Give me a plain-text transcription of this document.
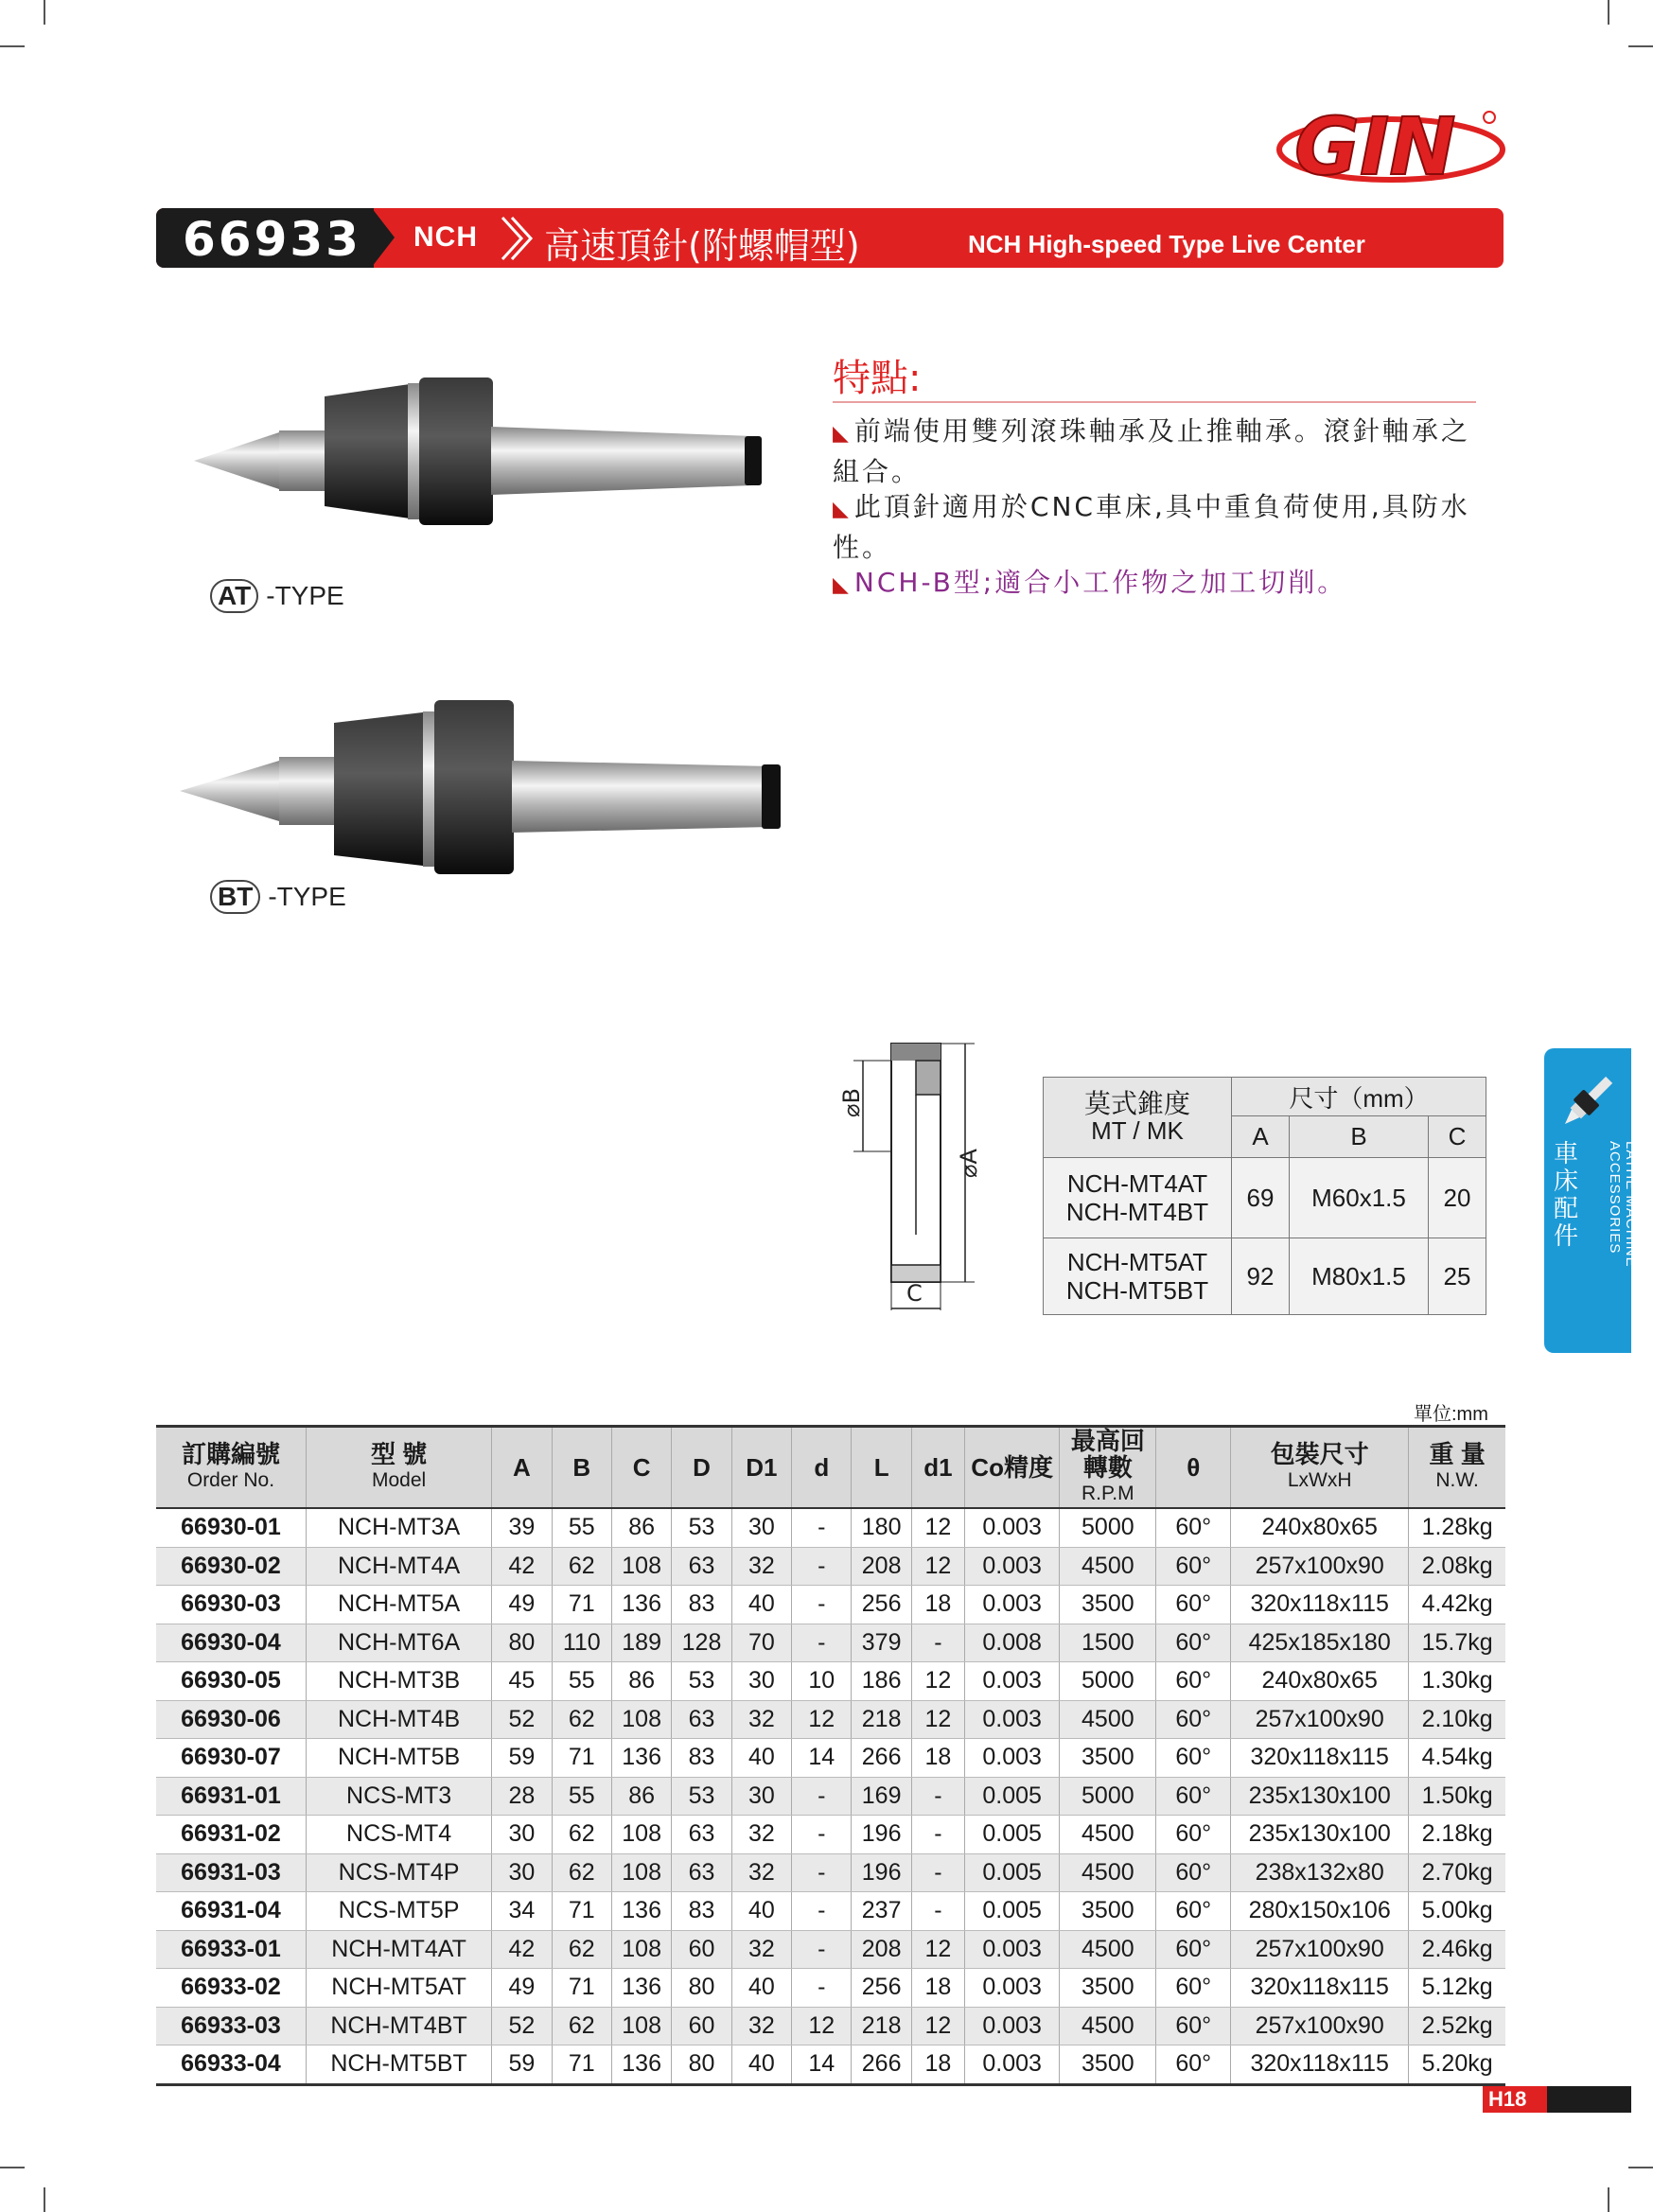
GIN
66933 NCH 高速頂針(附螺帽型)	NCH High-speed Type Live Center
AT -TYPE
BT -TYPE
特點:
◣ 前端使用雙列滾珠軸承及止推軸承。滾針軸承之組合。
◣ 此頂針適用於CNC車床,具中重負荷使用,具防水性。
◣ NCH-B型;適合小工作物之加工切削。
⌀B
⌀A
C
莫式錐度
MT / MK	尺寸（mm）		
	A	B	C

NCH-MT4AT
NCH-MT4BT	69	M60x1.5	20

NCH-MT5AT
NCH-MT5BT	92	M80x1.5	25
車床配件	LATHE MACHINE ACCESSORIES
單位:mm
訂購編號
Order No.	型 號
Model	A	B	C	D	D1	d	L	d1	Co精度	最高回轉數
R.P.M	θ	包裝尺寸
LxWxH	重 量
N.W.

66930-01	NCH-MT3A	39	55	86	53	30	-	180	12	0.003	5000	60°	240x80x65	1.28kg
66930-02	NCH-MT4A	42	62	108	63	32	-	208	12	0.003	4500	60°	257x100x90	2.08kg
66930-03	NCH-MT5A	49	71	136	83	40	-	256	18	0.003	3500	60°	320x118x115	4.42kg
66930-04	NCH-MT6A	80	110	189	128	70	-	379	-	0.008	1500	60°	425x185x180	15.7kg
66930-05	NCH-MT3B	45	55	86	53	30	10	186	12	0.003	5000	60°	240x80x65	1.30kg
66930-06	NCH-MT4B	52	62	108	63	32	12	218	12	0.003	4500	60°	257x100x90	2.10kg
66930-07	NCH-MT5B	59	71	136	83	40	14	266	18	0.003	3500	60°	320x118x115	4.54kg
66931-01	NCS-MT3	28	55	86	53	30	-	169	-	0.005	5000	60°	235x130x100	1.50kg
66931-02	NCS-MT4	30	62	108	63	32	-	196	-	0.005	4500	60°	235x130x100	2.18kg
66931-03	NCS-MT4P	30	62	108	63	32	-	196	-	0.005	4500	60°	238x132x80	2.70kg
66931-04	NCS-MT5P	34	71	136	83	40	-	237	-	0.005	3500	60°	280x150x106	5.00kg
66933-01	NCH-MT4AT	42	62	108	60	32	-	208	12	0.003	4500	60°	257x100x90	2.46kg
66933-02	NCH-MT5AT	49	71	136	80	40	-	256	18	0.003	3500	60°	320x118x115	5.12kg
66933-03	NCH-MT4BT	52	62	108	60	32	12	218	12	0.003	4500	60°	257x100x90	2.52kg
66933-04	NCH-MT5BT	59	71	136	80	40	14	266	18	0.003	3500	60°	320x118x115	5.20kg
H18
